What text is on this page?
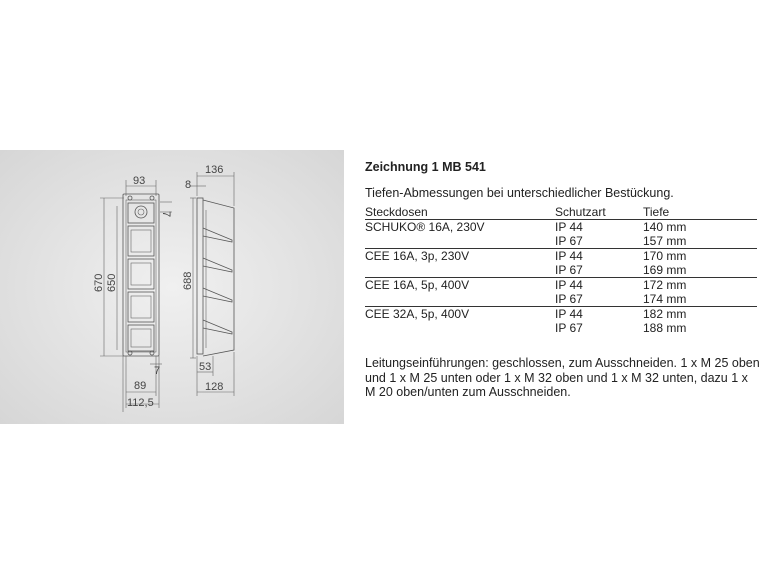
93
7
670 650
7
89
112,5
136
8
688
53
128
Zeichnung 1 MB 541
Tiefen-Abmessungen bei unterschiedlicher Bestückung.
Steckdosen	Schutzart	Tiefe
SCHUKO® 16A, 230V	IP 44	140 mm
	IP 67	157 mm
CEE 16A, 3p, 230V	IP 44	170 mm
	IP 67	169 mm
CEE 16A, 5p, 400V	IP 44	172 mm
	IP 67	174 mm
CEE 32A, 5p, 400V	IP 44	182 mm
	IP 67	188 mm
Leitungseinführungen: geschlossen, zum Ausschneiden. 1 x M 25 oben und 1 x M 25 unten oder 1 x M 32 oben und 1 x M 32 unten, dazu 1 x M 20 oben/unten zum Ausschneiden.
